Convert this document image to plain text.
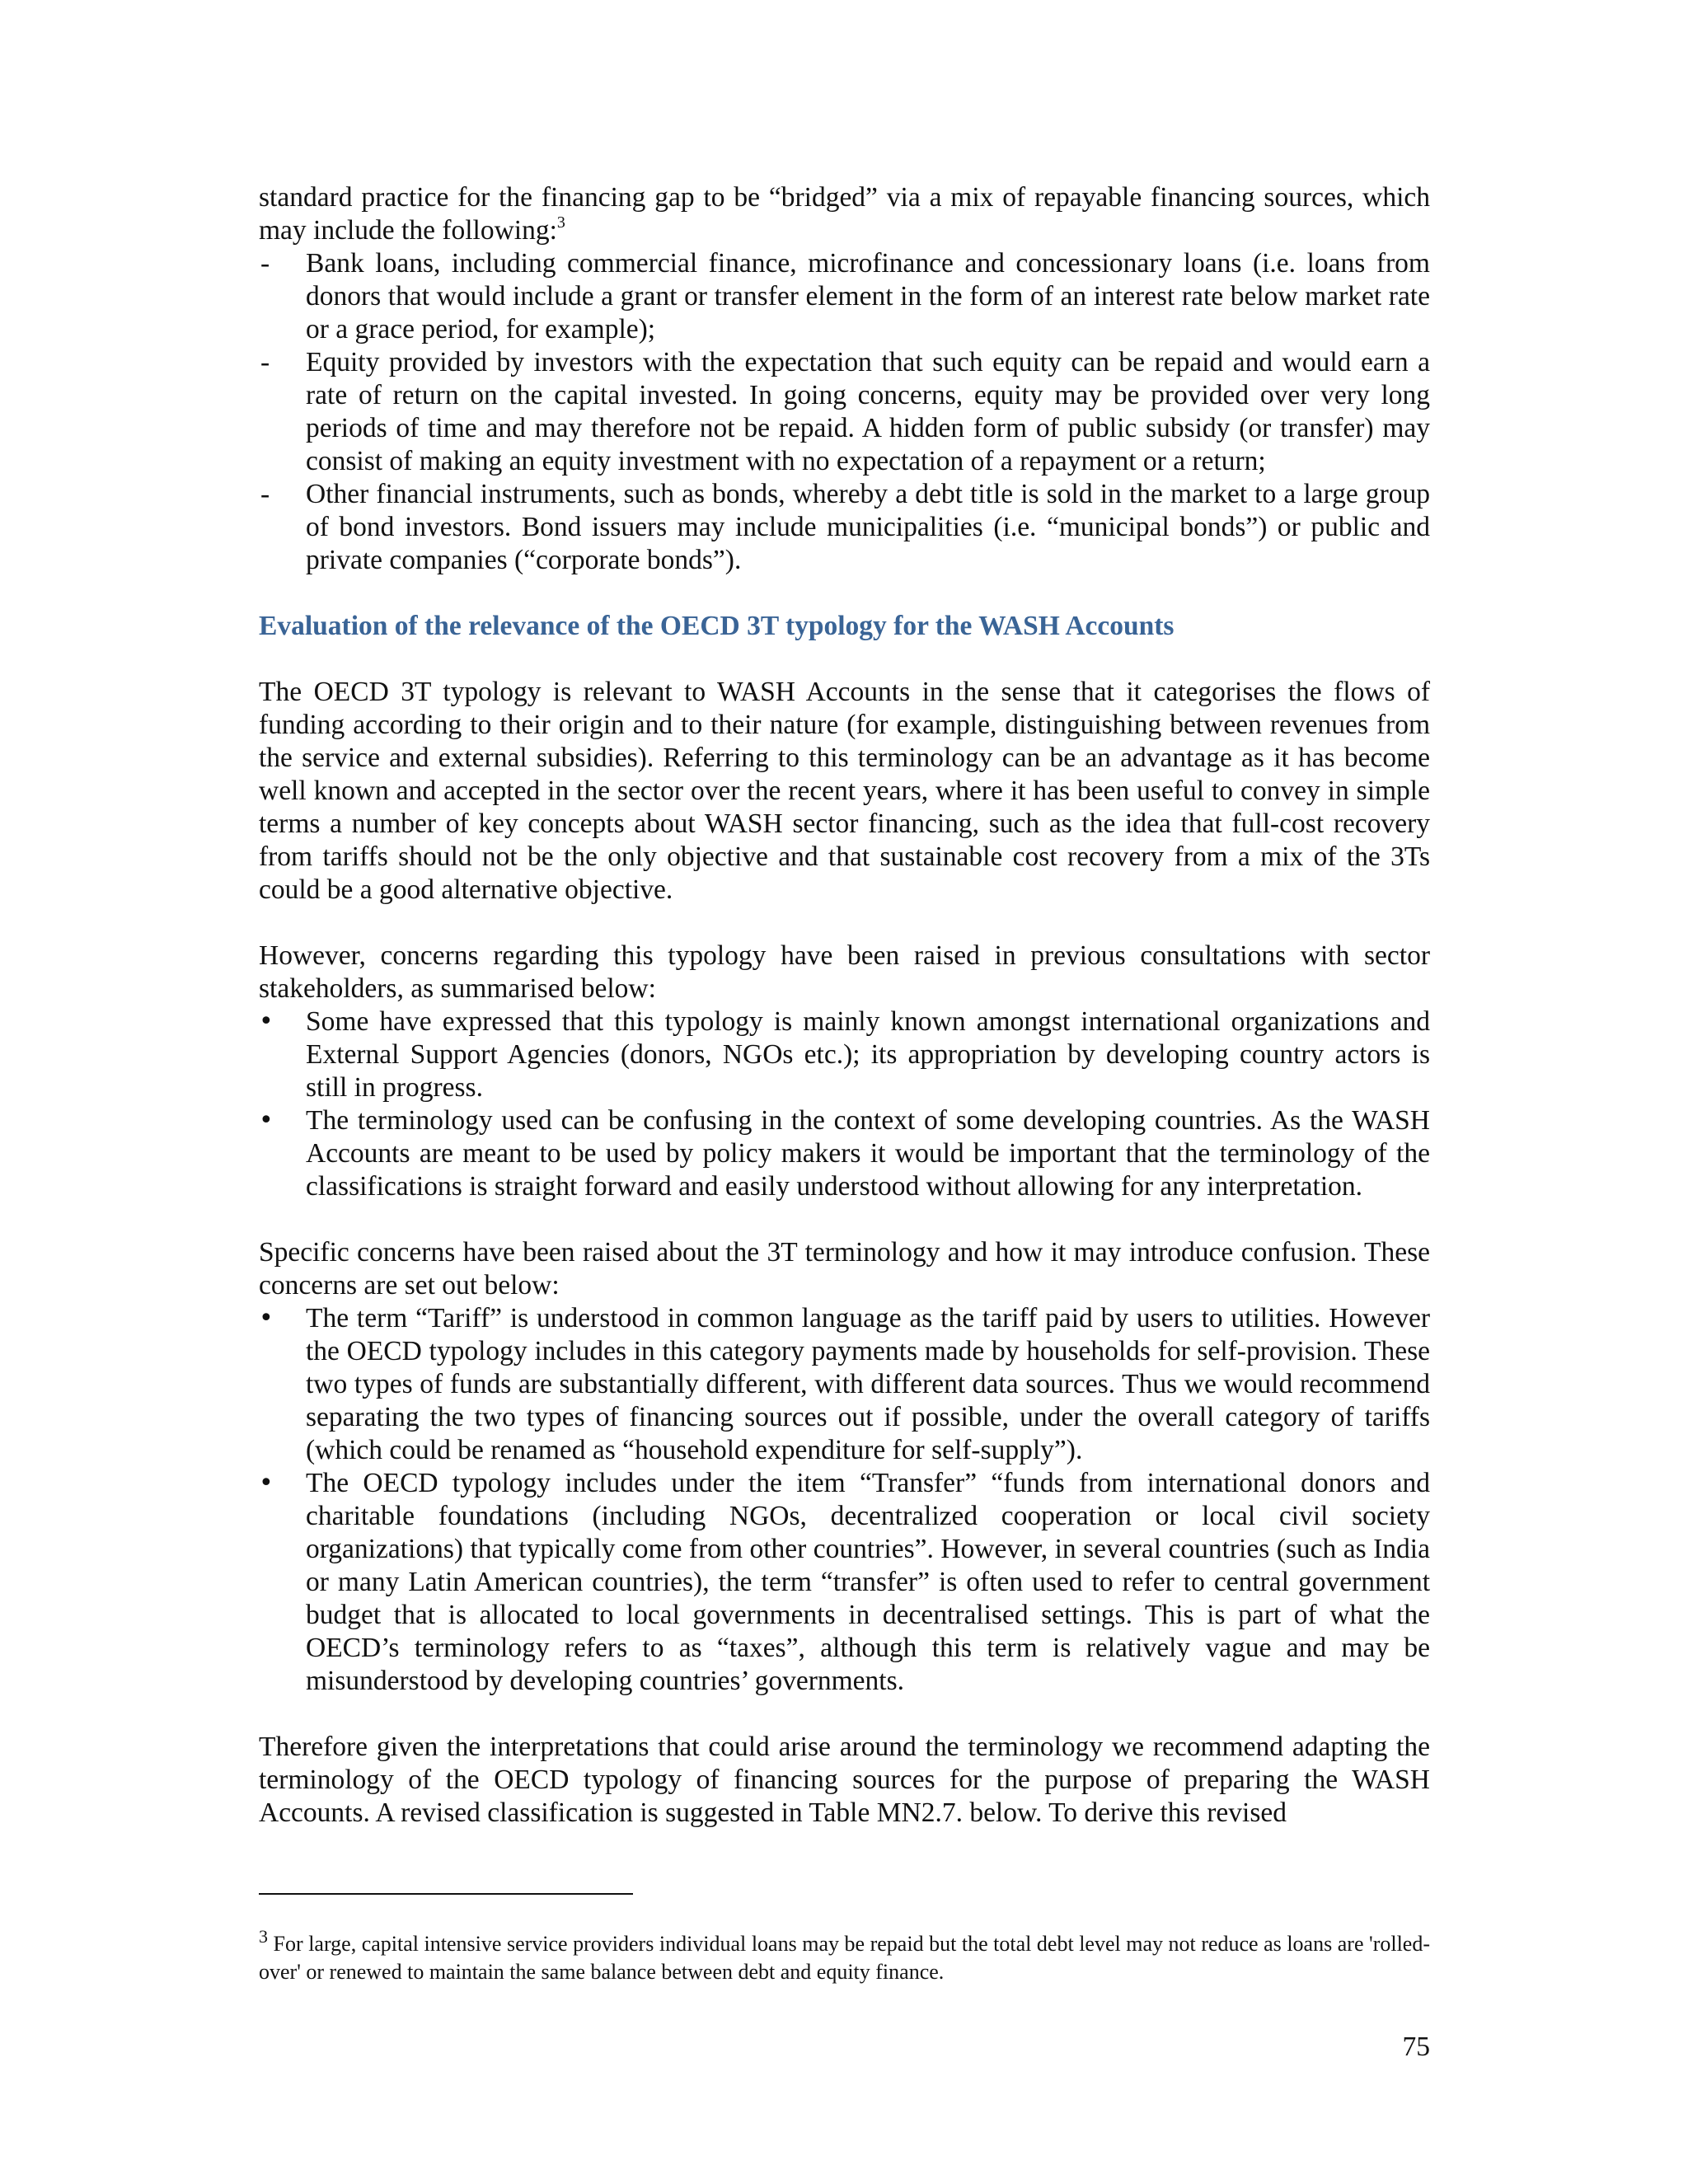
standard practice for the financing gap to be “bridged” via a mix of repayable financing sources, which may include the following:$^3$

-	Bank loans, including commercial finance, microfinance and concessionary loans (i.e. loans from donors that would include a grant or transfer element in the form of an interest rate below market rate or a grace period, for example);
-	Equity provided by investors with the expectation that such equity can be repaid and would earn a rate of return on the capital invested. In going concerns, equity may be provided over very long periods of time and may therefore not be repaid. A hidden form of public subsidy (or transfer) may consist of making an equity investment with no expectation of a repayment or a return;
-	Other financial instruments, such as bonds, whereby a debt title is sold in the market to a large group of bond investors. Bond issuers may include municipalities (i.e. “municipal bonds”) or public and private companies (“corporate bonds”).
Evaluation of the relevance of the OECD 3T typology for the WASH Accounts

The OECD 3T typology is relevant to WASH Accounts in the sense that it categorises the flows of funding according to their origin and to their nature (for example, distinguishing between revenues from the service and external subsidies). Referring to this terminology can be an advantage as it has become well known and accepted in the sector over the recent years, where it has been useful to convey in simple terms a number of key concepts about WASH sector financing, such as the idea that full-cost recovery from tariffs should not be the only objective and that sustainable cost recovery from a mix of the 3Ts could be a good alternative objective.

However, concerns regarding this typology have been raised in previous consultations with sector stakeholders, as summarised below:

•	Some have expressed that this typology is mainly known amongst international organizations and External Support Agencies (donors, NGOs etc.); its appropriation by developing country actors is still in progress.
•	The terminology used can be confusing in the context of some developing countries. As the WASH Accounts are meant to be used by policy makers it would be important that the terminology of the classifications is straight forward and easily understood without allowing for any interpretation.

Specific concerns have been raised about the 3T terminology and how it may introduce confusion. These concerns are set out below:

•	The term “Tariff” is understood in common language as the tariff paid by users to utilities. However the OECD typology includes in this category payments made by households for self-provision. These two types of funds are substantially different, with different data sources. Thus we would recommend separating the two types of financing sources out if possible, under the overall category of tariffs (which could be renamed as “household expenditure for self-supply”).
•	The OECD typology includes under the item “Transfer” “funds from international donors and charitable foundations (including NGOs, decentralized cooperation or local civil society organizations) that typically come from other countries”. However, in several countries (such as India or many Latin American countries), the term “transfer” is often used to refer to central government budget that is allocated to local governments in decentralised settings. This is part of what the OECD’s terminology refers to as “taxes”, although this term is relatively vague and may be misunderstood by developing countries’ governments.

Therefore given the interpretations that could arise around the terminology we recommend adapting the terminology of the OECD typology of financing sources for the purpose of preparing the WASH Accounts. A revised classification is suggested in Table MN2.7. below. To derive this revised

$^3$ For large, capital intensive service providers individual loans may be repaid but the total debt level may not reduce as loans are 'rolled-over' or renewed to maintain the same balance between debt and equity finance.

75
